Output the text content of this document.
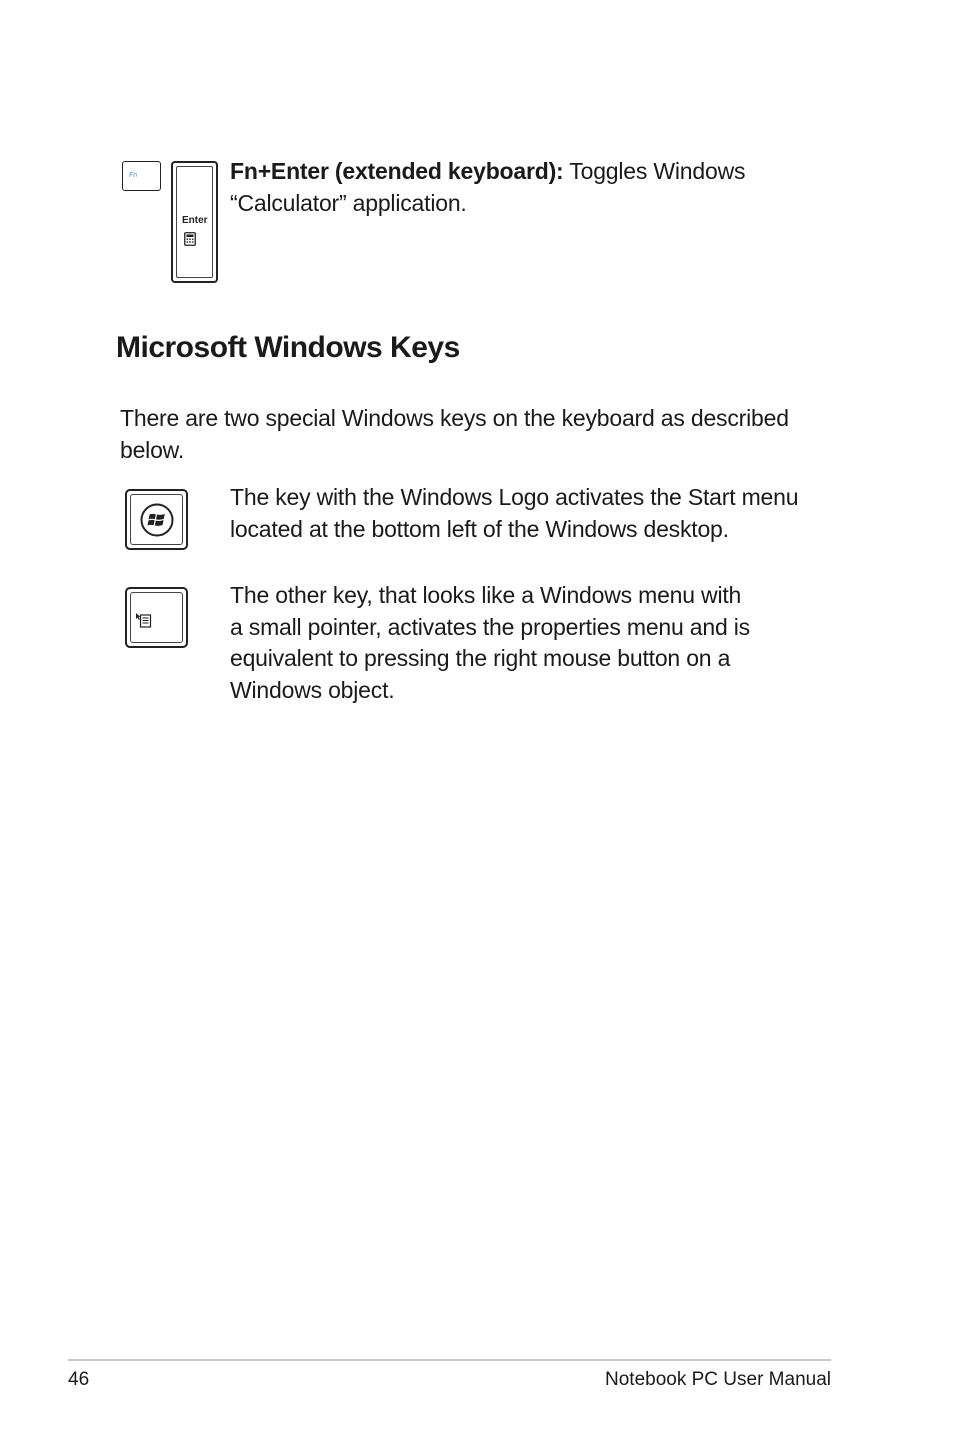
Fn
Enter
Fn+Enter (extended keyboard): Toggles Windows
“Calculator” application.
Microsoft Windows Keys
There are two special Windows keys on the keyboard as described
below.
The key with the Windows Logo activates the Start menu
located at the bottom left of the Windows desktop.
The other key, that looks like a Windows menu with
a small pointer, activates the properties menu and is
equivalent to pressing the right mouse button on a
Windows object.
46	Notebook PC User Manual
